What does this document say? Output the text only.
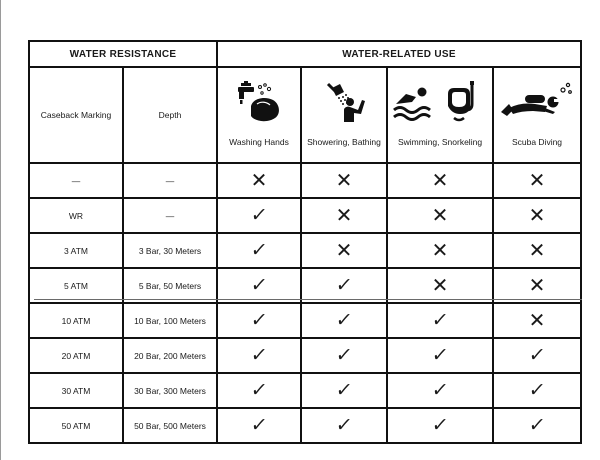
WATER RESISTANCE		WATER-RELATED USE			
Caseback Marking	Depth	Washing Hands	Showering, Bathing	Swimming, Snorkeling	Scuba Diving

—	—	✕	✕	✕	✕
WR	—	✓	✕	✕	✕
3 ATM	3 Bar, 30 Meters	✓	✕	✕	✕
5 ATM	5 Bar, 50 Meters	✓	✓	✕	✕
10 ATM	10 Bar, 100 Meters	✓	✓	✓	✕
20 ATM	20 Bar, 200 Meters	✓	✓	✓	✓
30 ATM	30 Bar, 300 Meters	✓	✓	✓	✓
50 ATM	50 Bar, 500 Meters	✓	✓	✓	✓
